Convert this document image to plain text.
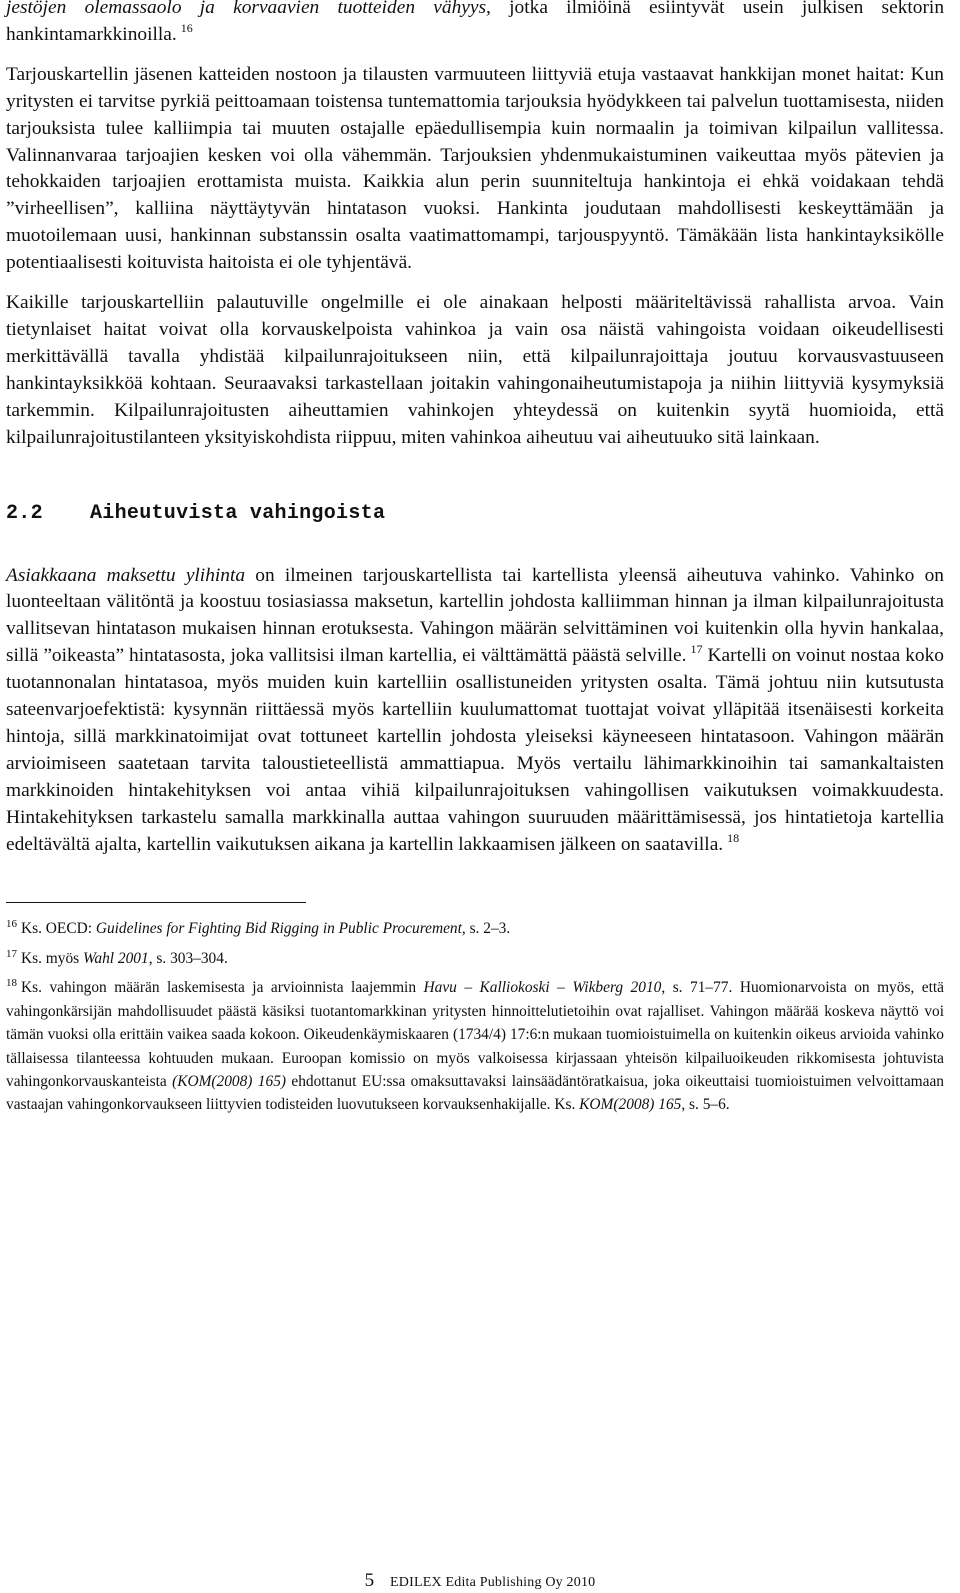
jestöjen olemassaolo ja korvaavien tuotteiden vähyys, jotka ilmiöinä esiintyvät usein julkisen sektorin hankintamarkkinoilla. $^{16}$

Tarjouskartellin jäsenen katteiden nostoon ja tilausten varmuuteen liittyviä etuja vastaavat hankkijan monet haitat: Kun yritysten ei tarvitse pyrkiä peittoamaan toistensa tuntemattomia tarjouksia hyödykkeen tai palvelun tuottamisesta, niiden tarjouksista tulee kalliimpia tai muuten ostajalle epäedullisempia kuin normaalin ja toimivan kilpailun vallitessa. Valinnanvaraa tarjoajien kesken voi olla vähemmän. Tarjouksien yhdenmukaistuminen vaikeuttaa myös pätevien ja tehokkaiden tarjoajien erottamista muista. Kaikkia alun perin suunniteltuja hankintoja ei ehkä voidakaan tehdä ”virheellisen”, kalliina näyttäytyvän hintatason vuoksi. Hankinta joudutaan mahdollisesti keskeyttämään ja muotoilemaan uusi, hankinnan substanssin osalta vaatimattomampi, tarjouspyyntö. Tämäkään lista hankintayksikölle potentiaalisesti koituvista haitoista ei ole tyhjentävä.

Kaikille tarjouskartelliin palautuville ongelmille ei ole ainakaan helposti määriteltävissä rahallista arvoa. Vain tietynlaiset haitat voivat olla korvauskelpoista vahinkoa ja vain osa näistä vahingoista voidaan oikeudellisesti merkittävällä tavalla yhdistää kilpailunrajoitukseen niin, että kilpailunrajoittaja joutuu korvausvastuuseen hankintayksikköä kohtaan. Seuraavaksi tarkastellaan joitakin vahingonaiheutumistapoja ja niihin liittyviä kysymyksiä tarkemmin. Kilpailunrajoitusten aiheuttamien vahinkojen yhteydessä on kuitenkin syytä huomioida, että kilpailunrajoitustilanteen yksityiskohdista riippuu, miten vahinkoa aiheutuu vai aiheutuuko sitä lainkaan.

2.2	Aiheutuvista vahingoista

Asiakkaana maksettu ylihinta on ilmeinen tarjouskartellista tai kartellista yleensä aiheutuva vahinko. Vahinko on luonteeltaan välitöntä ja koostuu tosiasiassa maksetun, kartellin johdosta kalliimman hinnan ja ilman kilpailunrajoitusta vallitsevan hintatason mukaisen hinnan erotuksesta. Vahingon määrän selvittäminen voi kuitenkin olla hyvin hankalaa, sillä ”oikeasta” hintatasosta, joka vallitsisi ilman kartellia, ei välttämättä päästä selville. $^{17}$ Kartelli on voinut nostaa koko tuotannonalan hintatasoa, myös muiden kuin kartelliin osallistuneiden yritysten osalta. Tämä johtuu niin kutsutusta sateenvarjoefektistä: kysynnän riittäessä myös kartelliin kuulumattomat tuottajat voivat ylläpitää itsenäisesti korkeita hintoja, sillä markkinatoimijat ovat tottuneet kartellin johdosta yleiseksi käyneeseen hintatasoon. Vahingon määrän arvioimiseen saatetaan tarvita taloustieteellistä ammattiapua. Myös vertailu lähimarkkinoihin tai samankaltaisten markkinoiden hintakehityksen voi antaa vihiä kilpailunrajoituksen vahingollisen vaikutuksen voimakkuudesta. Hintakehityksen tarkastelu samalla markkinalla auttaa vahingon suuruuden määrittämisessä, jos hintatietoja kartellia edeltävältä ajalta, kartellin vaikutuksen aikana ja kartellin lakkaamisen jälkeen on saatavilla. $^{18}$

$^{16}$ Ks. OECD: Guidelines for Fighting Bid Rigging in Public Procurement, s. 2–3.

$^{17}$ Ks. myös Wahl 2001, s. 303–304.

$^{18}$ Ks. vahingon määrän laskemisesta ja arvioinnista laajemmin Havu – Kalliokoski – Wikberg 2010, s. 71–77. Huomionarvoista on myös, että vahingonkärsijän mahdollisuudet päästä käsiksi tuotantomarkkinan yritysten hinnoittelutietoihin ovat rajalliset. Vahingon määrää koskeva näyttö voi tämän vuoksi olla erittäin vaikea saada kokoon. Oikeudenkäymiskaaren (1734/4) 17:6:n mukaan tuomioistuimella on kuitenkin oikeus arvioida vahinko tällaisessa tilanteessa kohtuuden mukaan. Euroopan komissio on myös valkoisessa kirjassaan yhteisön kilpailuoikeuden rikkomisesta johtuvista vahingonkorvauskanteista (KOM(2008) 165) ehdottanut EU:ssa omaksuttavaksi lainsäädäntöratkaisua, joka oikeuttaisi tuomioistuimen velvoittamaan vastaajan vahingonkorvaukseen liittyvien todisteiden luovutukseen korvauksenhakijalle. Ks. KOM(2008) 165, s. 5–6.

5 EDILEX Edita Publishing Oy 2010
